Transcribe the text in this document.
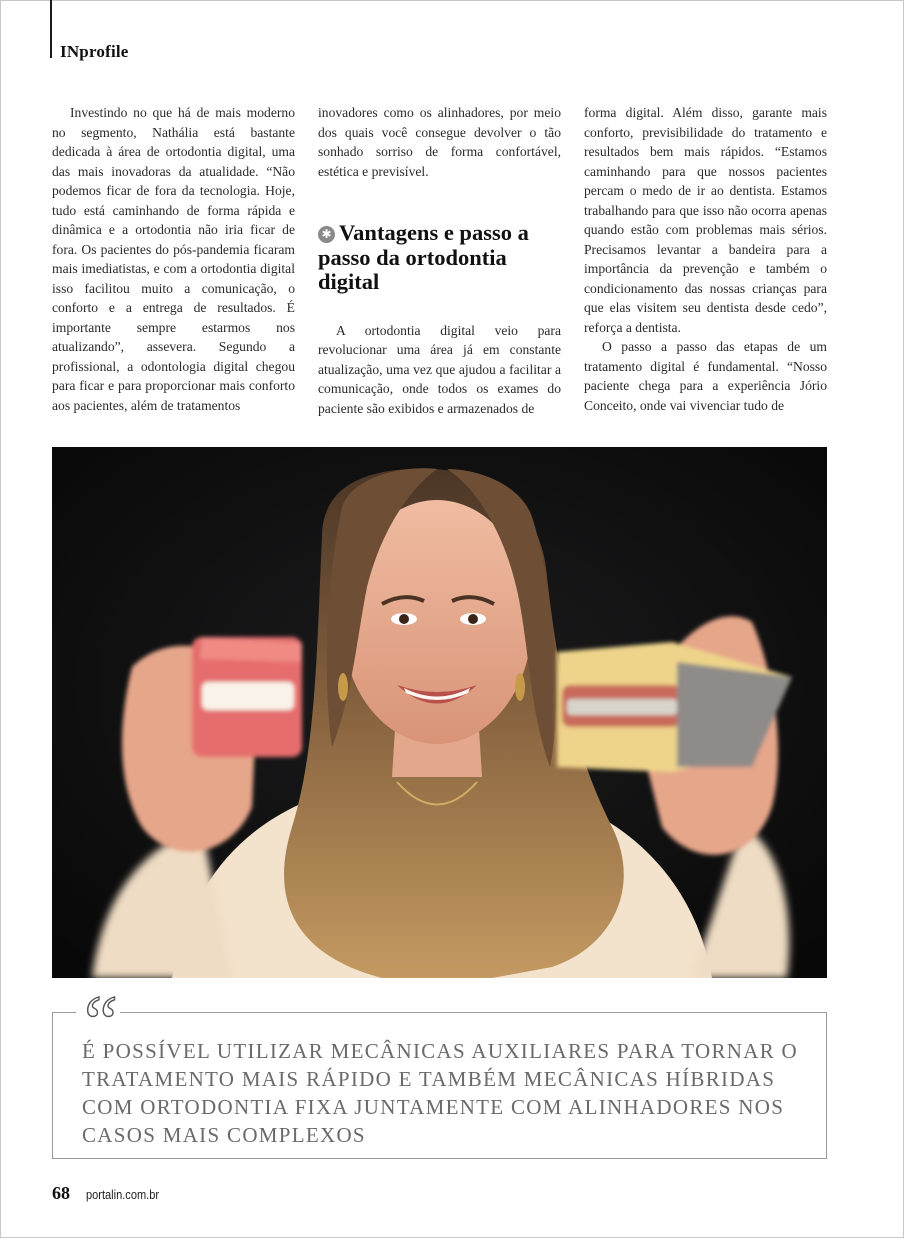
INprofile

Investindo no que há de mais moderno no segmento, Nathália está bastante dedicada à área de ortodontia digital, uma das mais inovadoras da atualidade. “Não podemos ficar de fora da tecnologia. Hoje, tudo está caminhando de forma rápida e dinâmica e a ortodontia não iria ficar de fora. Os pacientes do pós-pandemia ficaram mais imediatistas, e com a ortodontia digital isso facilitou muito a comunicação, o conforto e a entrega de resultados. É importante sempre estarmos nos atualizando”, assevera. Segundo a profissional, a odontologia digital chegou para ficar e para proporcionar mais conforto aos pacientes, além de tratamentos

inovadores como os alinhadores, por meio dos quais você consegue devolver o tão sonhado sorriso de forma confortável, estética e previsível.

✱ Vantagens e passo a passo da ortodontia digital

A ortodontia digital veio para revolucionar uma área já em constante atualização, uma vez que ajudou a facilitar a comunicação, onde todos os exames do paciente são exibidos e armazenados de

forma digital. Além disso, garante mais conforto, previsibilidade do tratamento e resultados bem mais rápidos. “Estamos caminhando para que nossos pacientes percam o medo de ir ao dentista. Estamos trabalhando para que isso não ocorra apenas quando estão com problemas mais sérios. Precisamos levantar a bandeira para a importância da prevenção e também o condicionamento das nossas crianças para que elas visitem seu dentista desde cedo”, reforça a dentista.

O passo a passo das etapas de um tratamento digital é fundamental. “Nosso paciente chega para a experiência Jório Conceito, onde vai vivenciar tudo de

“
É POSSÍVEL UTILIZAR MECÂNICAS AUXILIARES PARA TORNAR O TRATAMENTO MAIS RÁPIDO E TAMBÉM MECÂNICAS HÍBRIDAS COM ORTODONTIA FIXA JUNTAMENTE COM ALINHADORES NOS CASOS MAIS COMPLEXOS
68 portalin.com.br
